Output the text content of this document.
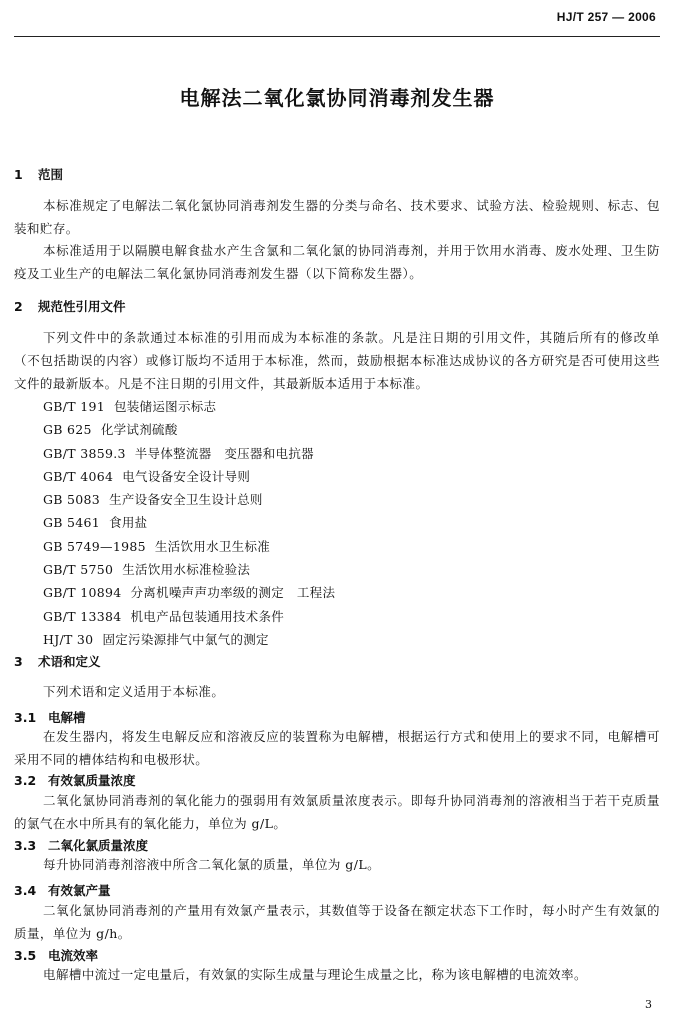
HJ/T 257 — 2006
电解法二氧化氯协同消毒剂发生器
1 范围
本标准规定了电解法二氧化氯协同消毒剂发生器的分类与命名、技术要求、试验方法、检验规则、标志、包装和贮存。
本标准适用于以隔膜电解食盐水产生含氯和二氧化氯的协同消毒剂，并用于饮用水消毒、废水处理、卫生防疫及工业生产的电解法二氧化氯协同消毒剂发生器（以下简称发生器）。
2 规范性引用文件
下列文件中的条款通过本标准的引用而成为本标准的条款。凡是注日期的引用文件，其随后所有的修改单（不包括勘误的内容）或修订版均不适用于本标准，然而，鼓励根据本标准达成协议的各方研究是否可使用这些文件的最新版本。凡是不注日期的引用文件，其最新版本适用于本标准。
GB/T 191 包装储运图示标志
GB 625 化学试剂硫酸
GB/T 3859.3 半导体整流器　变压器和电抗器
GB/T 4064 电气设备安全设计导则
GB 5083 生产设备安全卫生设计总则
GB 5461 食用盐
GB 5749—1985 生活饮用水卫生标准
GB/T 5750 生活饮用水标准检验法
GB/T 10894 分离机噪声声功率级的测定　工程法
GB/T 13384 机电产品包装通用技术条件
HJ/T 30 固定污染源排气中氯气的测定
3 术语和定义
下列术语和定义适用于本标准。
3.1 电解槽
在发生器内，将发生电解反应和溶液反应的装置称为电解槽，根据运行方式和使用上的要求不同，电解槽可采用不同的槽体结构和电极形状。
3.2 有效氯质量浓度
二氧化氯协同消毒剂的氧化能力的强弱用有效氯质量浓度表示。即每升协同消毒剂的溶液相当于若干克质量的氯气在水中所具有的氧化能力，单位为 g/L。
3.3 二氧化氯质量浓度
每升协同消毒剂溶液中所含二氧化氯的质量，单位为 g/L。
3.4 有效氯产量
二氧化氯协同消毒剂的产量用有效氯产量表示，其数值等于设备在额定状态下工作时，每小时产生有效氯的质量，单位为 g/h。
3.5 电流效率
电解槽中流过一定电量后，有效氯的实际生成量与理论生成量之比，称为该电解槽的电流效率。
3
